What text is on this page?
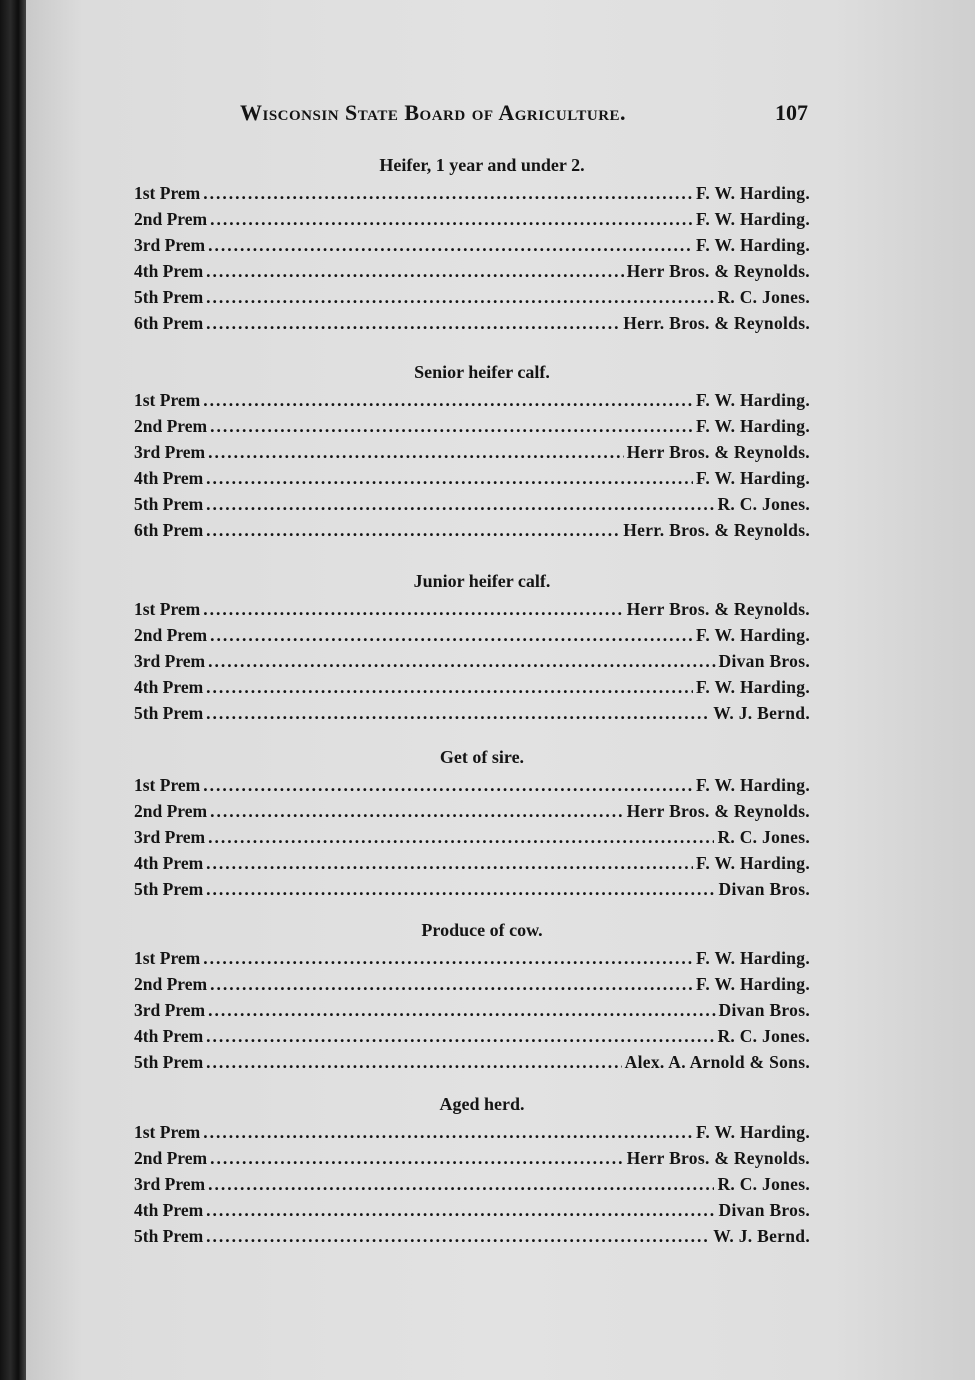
Wisconsin State Board of Agriculture.	107
Heifer, 1 year and under 2.
1st Prem .....	F. W. Harding.
2nd Prem .....	F. W. Harding.
3rd Prem .....	F. W. Harding.
4th Prem .....	Herr Bros. & Reynolds.
5th Prem .....	R. C. Jones.
6th Prem .....	Herr. Bros. & Reynolds.
Senior heifer calf.
1st Prem .....	F. W. Harding.
2nd Prem .....	F. W. Harding.
3rd Prem .....	Herr Bros. & Reynolds.
4th Prem .....	F. W. Harding.
5th Prem .....	R. C. Jones.
6th Prem .....	Herr. Bros. & Reynolds.
Junior heifer calf.
1st Prem .....	Herr Bros. & Reynolds.
2nd Prem .....	F. W. Harding.
3rd Prem .....	Divan Bros.
4th Prem .....	F. W. Harding.
5th Prem .....	W. J. Bernd.
Get of sire.
1st Prem .....	F. W. Harding.
2nd Prem .....	Herr Bros. & Reynolds.
3rd Prem .....	R. C. Jones.
4th Prem .....	F. W. Harding.
5th Prem .....	Divan Bros.
Produce of cow.
1st Prem .....	F. W. Harding.
2nd Prem .....	F. W. Harding.
3rd Prem .....	Divan Bros.
4th Prem .....	R. C. Jones.
5th Prem .....	Alex. A. Arnold & Sons.
Aged herd.
1st Prem .....	F. W. Harding.
2nd Prem .....	Herr Bros. & Reynolds.
3rd Prem .....	R. C. Jones.
4th Prem .....	Divan Bros.
5th Prem .....	W. J. Bernd.
